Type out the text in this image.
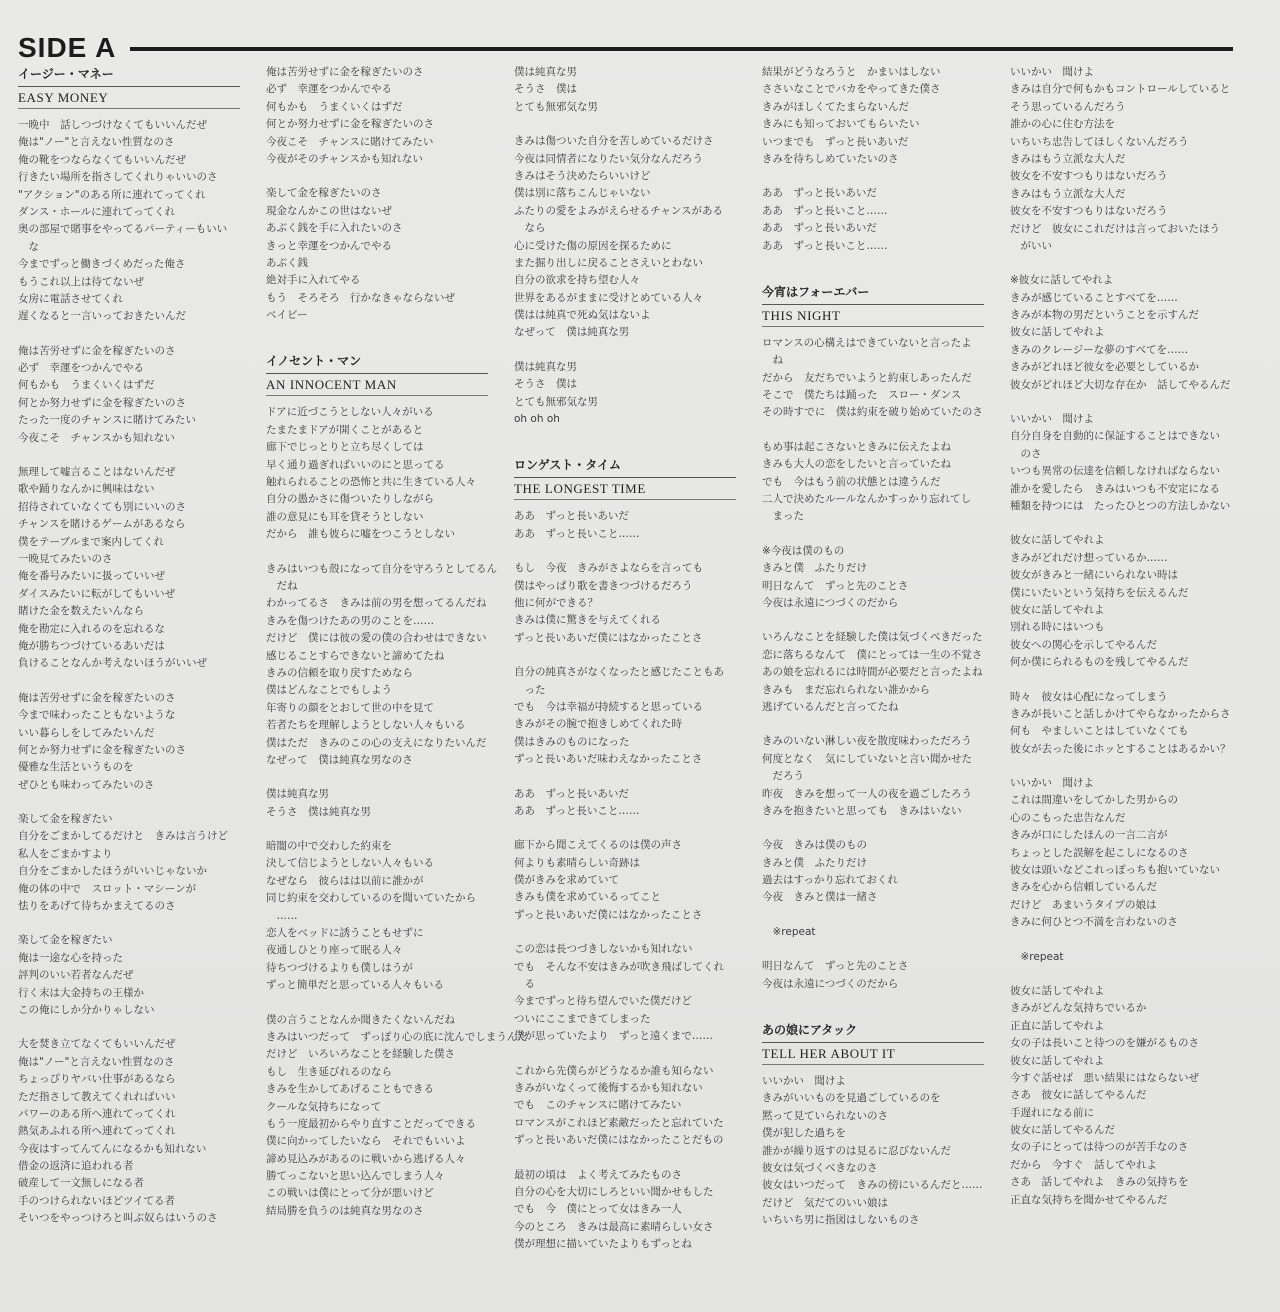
SIDE A
イージー・マネー
EASY MONEY
一晩中　話しつづけなくてもいいんだぜ
俺は"ノー"と言えない性質なのさ
俺の靴をつならなくてもいいんだぜ
行きたい場所を指さしてくれりゃいいのさ
"アクション"のある所に連れてってくれ
ダンス・ホールに連れてってくれ
奥の部屋で賭事をやってるパーティーもいい
　な
今までずっと働きづくめだった俺さ
もうこれ以上は待てないぜ
女房に電話させてくれ
遅くなると一言いっておきたいんだ
俺は苦労せずに金を稼ぎたいのさ
必ず　幸運をつかんでやる
何もかも　うまくいくはずだ
何とか努力せずに金を稼ぎたいのさ
たった一度のチャンスに賭けてみたい
今夜こそ　チャンスかも知れない
無理して嘘言ることはないんだぜ
歌や踊りなんかに興味はない
招待されていなくても別にいいのさ
チャンスを賭けるゲームがあるなら
僕をテーブルまで案内してくれ
一晩見てみたいのさ
俺を番号みたいに扱っていいぜ
ダイスみたいに転がしてもいいぜ
賭けた金を数えたいんなら
俺を勘定に入れるのを忘れるな
俺が勝ちつづけているあいだは
負けることなんか考えないほうがいいぜ
俺は苦労せずに金を稼ぎたいのさ
今まで味わったこともないような
いい暮らしをしてみたいんだ
何とか努力せずに金を稼ぎたいのさ
優雅な生活というものを
ぜひとも味わってみたいのさ
楽して金を稼ぎたい
自分をごまかしてるだけと　きみは言うけど
私人をごまかすより
自分をごまかしたほうがいいじゃないか
俺の体の中で　スロット・マシーンが
怯りをあげて待ちかまえてるのさ
楽して金を稼ぎたい
俺は一途な心を持った
評判のいい若者なんだぜ
行く末は大金持ちの王様か
この俺にしか分かりゃしない
大を焚き立てなくてもいいんだぜ
俺は"ノー"と言えない性質なのさ
ちょっぴりヤバい仕事があるなら
ただ指さして教えてくれればいい
パワーのある所へ連れてってくれ
熱気あふれる所へ連れてってくれ
今夜はすってんてんになるかも知れない
借金の返済に追われる者
破産して一文無しになる者
手のつけられないほどツイてる者
そいつをやっつけろと叫ぶ奴らはいうのさ
俺は苦労せずに金を稼ぎたいのさ
必ず　幸運をつかんでやる
何もかも　うまくいくはずだ
何とか努力せずに金を稼ぎたいのさ
今夜こそ　チャンスに賭けてみたい
今夜がそのチャンスかも知れない
楽して金を稼ぎたいのさ
現金なんかこの世はないぜ
あぶく銭を手に入れたいのさ
きっと幸運をつかんでやる
あぶく銭
絶対手に入れてやる
もう　そろそろ　行かなきゃならないぜ
ベイビー
イノセント・マン
AN INNOCENT MAN
ドアに近づこうとしない人々がいる
たまたまドアが開くことがあると
廊下でじっとりと立ち尽くしては
早く通り過ぎればいいのにと思ってる
触れられることの恐怖と共に生きている人々
自分の愚かさに傷ついたりしながら
誰の意見にも耳を貸そうとしない
だから　誰も彼らに嘘をつこうとしない
きみはいつも殻になって自分を守ろうとしてるん
　だね
わかってるさ　きみは前の男を想ってるんだね
きみを傷つけたあの男のことを……
だけど　僕には彼の愛の僕の合わせはできない
感じることすらできないと諦めてたね
きみの信頼を取り戻すためなら
僕はどんなことでもしよう
年寄りの顔をとおして世の中を見て
若者たちを理解しようとしない人々もいる
僕はただ　きみのこの心の支えになりたいんだ
なぜって　僕は純真な男なのさ
僕は純真な男
そうさ　僕は純真な男
暗闇の中で交わした約束を
決して信じようとしない人々もいる
なぜなら　彼らはは以前に誰かが
同じ約束を交わしているのを聞いていたから
　……
恋人をベッドに誘うこともせずに
夜通しひとり座って眠る人々
待ちつづけるよりも僕しはうが
ずっと簡単だと思っている人々もいる
僕の言うことなんか聞きたくないんだね
きみはいつだって　ずっぽり心の底に沈んでしまうんだ
だけど　いろいろなことを経験した僕さ
もし　生き延びれるのなら
きみを生かしてあげることもできる
クールな気持ちになって
もう一度最初からやり直すことだってできる
僕に向かってしたいなら　それでもいいよ
諦め見込みがあるのに戦いから逃げる人々
勝てっこないと思い込んでしまう人々
この戦いは僕にとって分が悪いけど
結局勝を負うのは純真な男なのさ
僕は純真な男
そうさ　僕は
とても無邪気な男
きみは傷ついた自分を苦しめているだけさ
今夜は同情者になりたい気分なんだろう
きみはそう決めたらいいけど
僕は別に落ちこんじゃいない
ふたりの愛をよみがえらせるチャンスがある
　なら
心に受けた傷の原因を探るために
また掘り出しに戻ることさえいとわない
自分の欲求を持ち望む人々
世界をあるがままに受けとめている人々
僕はは純真で死ぬ気はないよ
なぜって　僕は純真な男
僕は純真な男
そうさ　僕は
とても無邪気な男
oh oh oh
ロンゲスト・タイム
THE LONGEST TIME
ああ　ずっと長いあいだ
ああ　ずっと長いこと……
もし　今夜　きみがさよならを言っても
僕はやっぱり歌を書きつづけるだろう
他に何ができる？
きみは僕に驚きを与えてくれる
ずっと長いあいだ僕にはなかったことさ
自分の純真さがなくなったと感じたこともあ
　った
でも　今は幸福が持続すると思っている
きみがその腕で抱きしめてくれた時
僕はきみのものになった
ずっと長いあいだ味わえなかったことさ
ああ　ずっと長いあいだ
ああ　ずっと長いこと……
廊下から聞こえてくるのは僕の声さ
何よりも素晴らしい奇跡は
僕がきみを求めていて
きみも僕を求めているってこと
ずっと長いあいだ僕にはなかったことさ
この恋は長つづきしないかも知れない
でも　そんな不安はきみが吹き飛ばしてくれ
　る
今までずっと待ち望んでいた僕だけど
ついにここまできてしまった
僕が思っていたより　ずっと遠くまで……
これから先僕らがどうなるか誰も知らない
きみがいなくって後悔するかも知れない
でも　このチャンスに賭けてみたい
ロマンスがこれほど素敵だったと忘れていた
ずっと長いあいだ僕にはなかったことだもの
最初の頃は　よく考えてみたものさ
自分の心を大切にしろといい聞かせもした
でも　今　僕にとって女はきみ一人
今のところ　きみは最高に素晴らしい女さ
僕が理想に描いていたよりもずっとね
結果がどうなろうと　かまいはしない
ささいなことでバカをやってきた僕さ
きみがほしくてたまらないんだ
きみにも知っておいてもらいたい
いつまでも　ずっと長いあいだ
きみを待ちしめていたいのさ
ああ　ずっと長いあいだ
ああ　ずっと長いこと……
ああ　ずっと長いあいだ
ああ　ずっと長いこと……
今宵はフォーエバー
THIS NIGHT
ロマンスの心構えはできていないと言ったよ
　ね
だから　友だちでいようと約束しあったんだ
そこで　僕たちは踊った　スロー・ダンス
その時すでに　僕は約束を破り始めていたのさ
もめ事は起こさないときみに伝えたよね
きみも大人の恋をしたいと言っていたね
でも　今はもう前の状態とは違うんだ
二人で決めたルールなんかすっかり忘れてし
　まった
※今夜は僕のもの
きみと僕　ふたりだけ
明日なんて　ずっと先のことさ
今夜は永遠につづくのだから
いろんなことを経験した僕は気づくべきだった
恋に落ちるなんて　僕にとっては一生の不覚さ
あの娘を忘れるには時間が必要だと言ったよね
きみも　まだ忘れられない誰かから
逃げているんだと言ってたね
きみのいない淋しい夜を散度味わっただろう
何度となく　気にしていないと言い聞かせた
　だろう
昨夜　きみを想って一人の夜を過ごしたろう
きみを抱きたいと思っても　きみはいない
今夜　きみは僕のもの
きみと僕　ふたりだけ
過去はすっかり忘れておくれ
今夜　きみと僕は一緒さ
　※repeat
明日なんて　ずっと先のことさ
今夜は永遠につづくのだから
あの娘にアタック
TELL HER ABOUT IT
いいかい　聞けよ
きみがいいものを見過ごしているのを
黙って見ていられないのさ
僕が犯した過ちを
誰かが繰り返すのは見るに忍びないんだ
彼女は気づくべきなのさ
彼女はいつだって　きみの傍にいるんだと……
だけど　気だてのいい娘は
いちいち男に指図はしないものさ
いいかい　聞けよ
きみは自分で何もかもコントロールしていると
そう思っているんだろう
誰かの心に住む方法を
いちいち忠告してほしくないんだろう
きみはもう立派な大人だ
彼女を不安すつもりはないだろう
きみはもう立派な大人だ
彼女を不安すつもりはないだろう
だけど　彼女にこれだけは言っておいたほう
　がいい
※彼女に話してやれよ
きみが感じていることすべてを……
きみが本物の男だということを示すんだ
彼女に話してやれよ
きみのクレージーな夢のすべてを……
きみがどれほど彼女を必要としているか
彼女がどれほど大切な存在か　話してやるんだ
いいかい　聞けよ
自分自身を自動的に保証することはできない
　のさ
いつも異常の伝達を信頼しなければならない
誰かを愛したら　きみはいつも不安定になる
種類を持つには　たったひとつの方法しかない
彼女に話してやれよ
きみがどれだけ想っているか……
彼女がきみと一緒にいられない時は
僕にいたいという気持ちを伝えるんだ
彼女に話してやれよ
別れる時にはいつも
彼女への関心を示してやるんだ
何か僕にられるものを残してやるんだ
時々　彼女は心配になってしまう
きみが長いこと話しかけてやらなかったからさ
何も　やましいことはしていなくても
彼女が去った後にホッとすることはあるかい？
いいかい　聞けよ
これは間違いをしてかした男からの
心のこもった忠告なんだ
きみが口にしたほんの一言二言が
ちょっとした誤解を起こしになるのさ
彼女は頭いなどこれっぽっちも抱いていない
きみを心から信頼しているんだ
だけど　あまいうタイプの娘は
きみに何ひとつ不満を言わないのさ
　※repeat
彼女に話してやれよ
きみがどんな気持ちでいるか
正直に話してやれよ
女の子は長いこと待つのを嫌がるものさ
彼女に話してやれよ
今すぐ話せば　悪い結果にはならないぜ
さあ　彼女に話してやるんだ
手遅れになる前に
彼女に話してやるんだ
女の子にとっては待つのが苦手なのさ
だから　今すぐ　話してやれよ
さあ　話してやれよ　きみの気持ちを
正直な気持ちを聞かせてやるんだ
